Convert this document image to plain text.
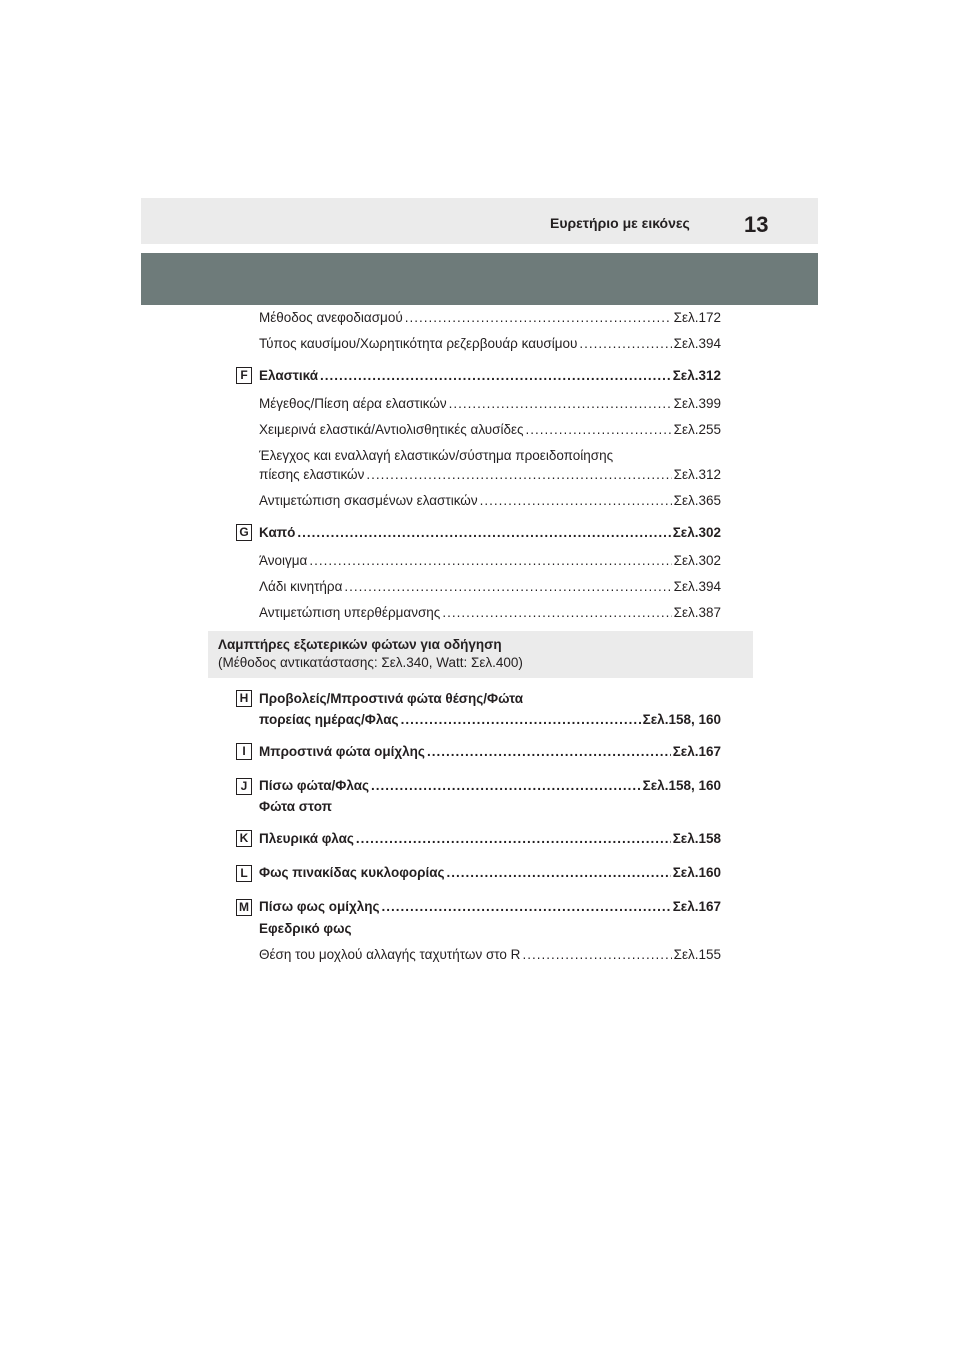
Ευρετήριο με εικόνες 13
Μέθοδος ανεφοδιασμού .....	Σελ.172
Τύπος καυσίμου/Χωρητικότητα ρεζερβουάρ καυσίμου .....	Σελ.394
F Ελαστικά .....	Σελ.312
Μέγεθος/Πίεση αέρα ελαστικών .....	Σελ.399
Χειμερινά ελαστικά/Αντιολισθητικές αλυσίδες .....	Σελ.255
Έλεγχος και εναλλαγή ελαστικών/σύστημα προειδοποίησης
πίεσης ελαστικών .....	Σελ.312
Αντιμετώπιση σκασμένων ελαστικών .....	Σελ.365
G Καπό .....	Σελ.302
Άνοιγμα .....	Σελ.302
Λάδι κινητήρα .....	Σελ.394
Αντιμετώπιση υπερθέρμανσης .....	Σελ.387
Λαμπτήρες εξωτερικών φώτων για οδήγηση
(Μέθοδος αντικατάστασης: Σελ.340, Watt: Σελ.400)
H Προβολείς/Μπροστινά φώτα θέσης/Φώτα
πορείας ημέρας/Φλας .....	Σελ.158, 160
I Μπροστινά φώτα ομίχλης .....	Σελ.167
J Πίσω φώτα/Φλας .....	Σελ.158, 160
Φώτα στοπ
K Πλευρικά φλας .....	Σελ.158
L Φως πινακίδας κυκλοφορίας .....	Σελ.160
M Πίσω φως ομίχλης .....	Σελ.167
Εφεδρικό φως
Θέση του μοχλού αλλαγής ταχυτήτων στο R .....	Σελ.155
